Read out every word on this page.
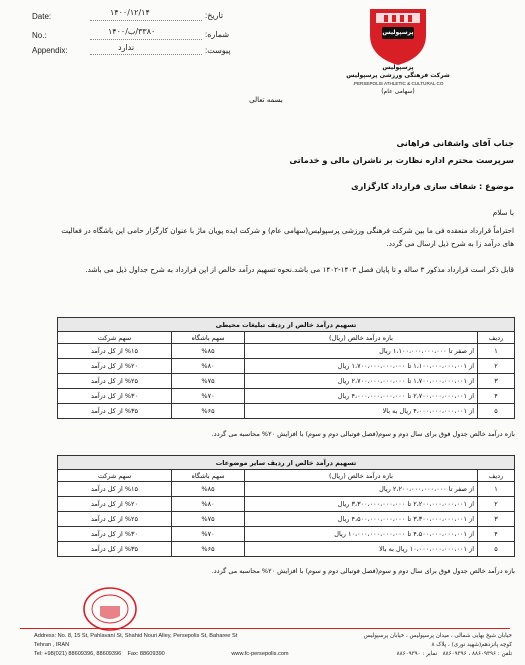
Date:	۱۴۰۰/۱۲/۱۴	تاریخ:
No.:	۳۳۸۰/ب/۱۴۰۰	شماره:
Appendix:	ندارد	پیوست:
پرسپولیس
پرسپولیس
شرکت فرهنگی ورزشی پرسپولیس
PERSEPOLIS ATHLETIC & CULTURAL CO.
(سهامی عام)
بسمه تعالی
جناب آقای واشقانی فراهانی
سرپرست محترم اداره نظارت بر ناشران مالی و خدماتی
موضوع : شفاف سازی قرارداد کارگزاری
با سلام
احتراماً قرارداد منعقده فی ما بین شرکت فرهنگی ورزشی پرسپولیس(سهامی عام) و شرکت ایده پویان ماژ با عنوان کارگزار حامی این باشگاه در فعالیت های درآمد زا به شرح ذیل ارسال می گردد.
قابل ذکر است قرارداد مذکور ۳ ساله و تا پایان فصل ۱۴۰۳-۱۴۰۲ می باشد.نحوه تسهیم درآمد خالص از این قرارداد به شرح جداول ذیل می باشد.
تسهیم درآمد خالص از ردیف تبلیغات محیطی			
ردیف	بازه درآمد خالص (ریال)	سهم باشگاه	سهم شرکت
۱	از صفر تا ۱،۱۰۰،۰۰۰،۰۰۰،۰۰۰ ریال	%۸۵	%۱۵ از کل درآمد
۲	از ۱،۱۰۰،۰۰۰،۰۰۰،۰۰۱ تا ۱،۷۰۰،۰۰۰،۰۰۰،۰۰۰ ریال	%۸۰	%۲۰ از کل درآمد
۳	از ۱،۷۰۰،۰۰۰،۰۰۰،۰۰۱ تا ۲،۷۰۰،۰۰۰،۰۰۰،۰۰۰ ریال	%۷۵	%۲۵ از کل درآمد
۴	از ۲،۷۰۰،۰۰۰،۰۰۰،۰۰۱ تا ۴،۰۰۰،۰۰۰،۰۰۰،۰۰۰ ریال	%۷۰	%۳۰ از کل درآمد
۵	از ۴،۰۰۰،۰۰۰،۰۰۰،۰۰۱ ریال به بالا	%۶۵	%۳۵ از کل درآمد
بازه درآمد خالص جدول فوق برای سال دوم و سوم(فصل فوتبالی دوم و سوم) با افزایش ۲۰% محاسبه می گردد.
تسهیم درآمد خالص از ردیف سایر موضوعات			
ردیف	بازه درآمد خالص (ریال)	سهم باشگاه	سهم شرکت
۱	از صفر تا ۲،۲۰۰،۰۰۰،۰۰۰،۰۰۰ ریال	%۸۵	%۱۵ از کل درآمد
۲	از ۲،۲۰۰،۰۰۰،۰۰۰،۰۰۱ تا ۳،۳۰۰،۰۰۰،۰۰۰،۰۰۰ ریال	%۸۰	%۲۰ از کل درآمد
۳	از ۳،۳۰۰،۰۰۰،۰۰۰،۰۰۱ تا ۴،۵۰۰،۰۰۰،۰۰۰،۰۰۰ ریال	%۷۵	%۲۵ از کل درآمد
۴	از ۴،۵۰۰،۰۰۰،۰۰۰،۰۰۱ تا ۱۰،۰۰۰،۰۰۰،۰۰۰،۰۰۰ ریال	%۷۰	%۳۰ از کل درآمد
۵	از ۱۰،۰۰۰،۰۰۰،۰۰۰،۰۰۱ ریال به بالا	%۶۵	%۳۵ از کل درآمد
بازه درآمد خالص جدول فوق برای سال دوم و سوم(فصل فوتبالی دوم و سوم) با افزایش ۲۰% محاسبه می گردد.
Address: No. 8, 15 St, Pahlavani St, Shahid Nouri Alley, Persepolis St, Baharee St
Tehran , IRAN
Tel: +98(021) 88609396, 88609396 Fax: 88609390	www.fc-persepolis.com
خیابان شیخ بهایی شمالی ، میدان پرسپولیس ، خیابان پرسپولیس
کوچه پانزدهم(شهید نوری) ، پلاک ۸
تلفن : ۸۸۶۰۹۳۹۶ ، ۸۸۶۰۹۳۹۶   نمابر : ۸۸۶۰۹۳۹۰
